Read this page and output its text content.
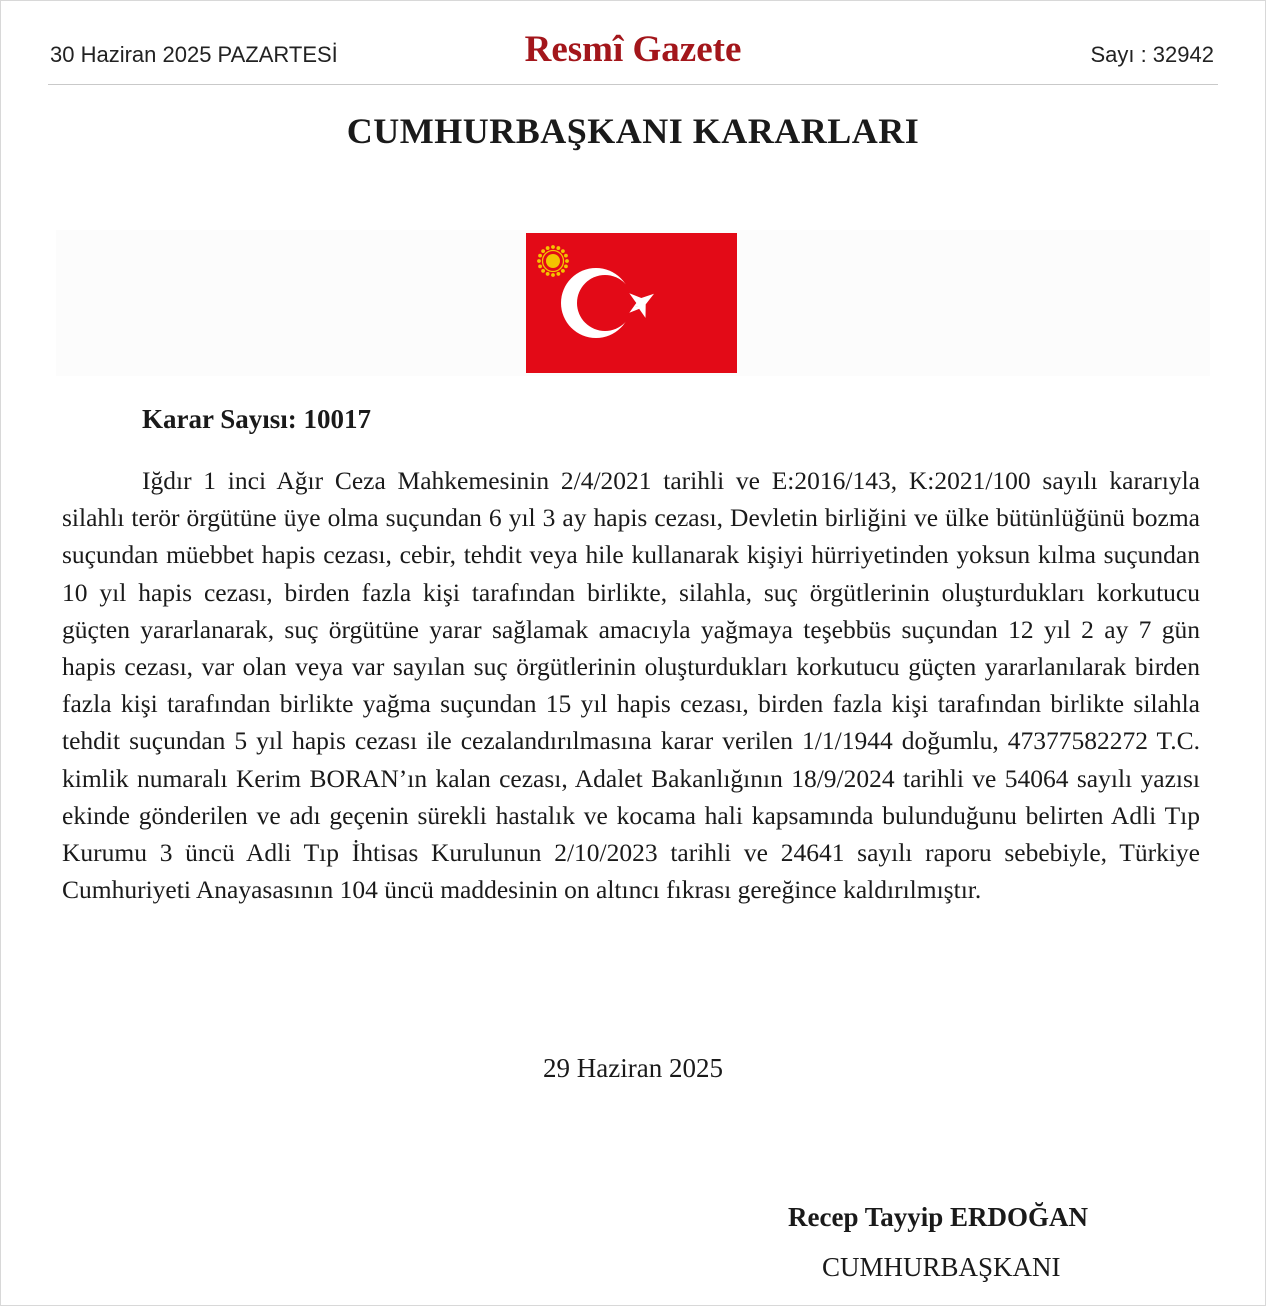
30 Haziran 2025 PAZARTESİ	Resmî Gazete	Sayı : 32942
CUMHURBAŞKANI KARARLARI
Karar Sayısı: 10017

Iğdır 1 inci Ağır Ceza Mahkemesinin 2/4/2021 tarihli ve E:2016/143, K:2021/100 sayılı kararıyla silahlı terör örgütüne üye olma suçundan 6 yıl 3 ay hapis cezası, Devletin birliğini ve ülke bütünlüğünü bozma suçundan müebbet hapis cezası, cebir, tehdit veya hile kullanarak kişiyi hürriyetinden yoksun kılma suçundan 10 yıl hapis cezası, birden fazla kişi tarafından birlikte, silahla, suç örgütlerinin oluşturdukları korkutucu güçten yararlanarak, suç örgütüne yarar sağlamak amacıyla yağmaya teşebbüs suçundan 12 yıl 2 ay 7 gün hapis cezası, var olan veya var sayılan suç örgütlerinin oluşturdukları korkutucu güçten yararlanılarak birden fazla kişi tarafından birlikte yağma suçundan 15 yıl hapis cezası, birden fazla kişi tarafından birlikte silahla tehdit suçundan 5 yıl hapis cezası ile cezalandırılmasına karar verilen 1/1/1944 doğumlu, 47377582272 T.C. kimlik numaralı Kerim BORAN’ın kalan cezası, Adalet Bakanlığının 18/9/2024 tarihli ve 54064 sayılı yazısı ekinde gönderilen ve adı geçenin sürekli hastalık ve kocama hali kapsamında bulunduğunu belirten Adli Tıp Kurumu 3 üncü Adli Tıp İhtisas Kurulunun 2/10/2023 tarihli ve 24641 sayılı raporu sebebiyle, Türkiye Cumhuriyeti Anayasasının 104 üncü maddesinin on altıncı fıkrası gereğince kaldırılmıştır.

29 Haziran 2025
Recep Tayyip ERDOĞAN
CUMHURBAŞKANI
